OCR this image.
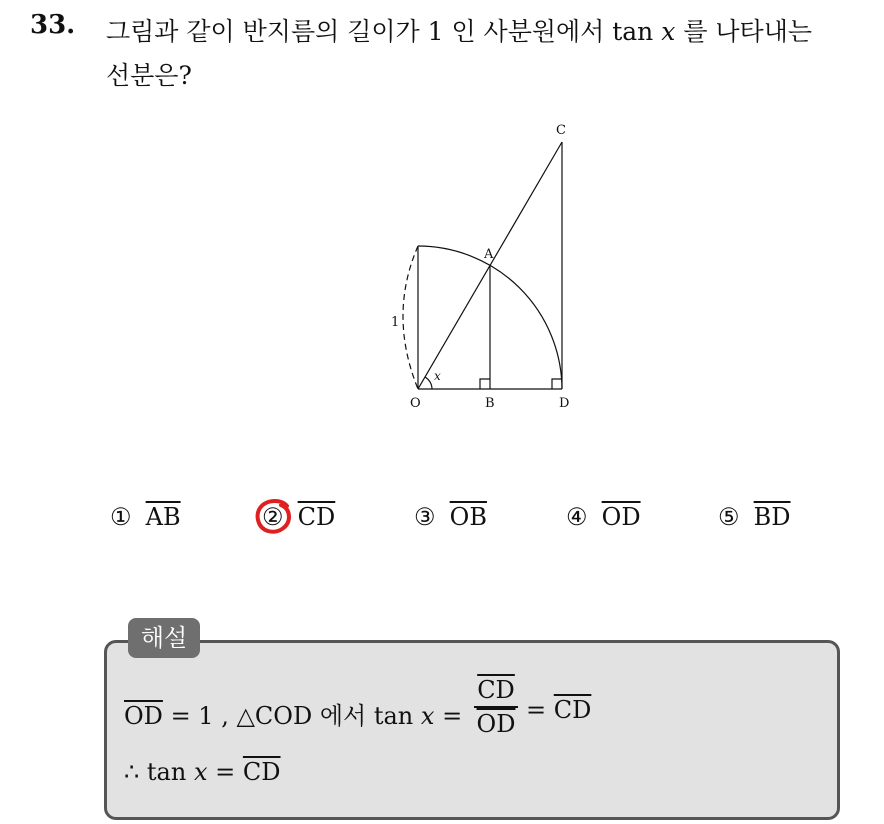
33. 그림과 같이 반지름의 길이가 1 인 사분원에서 tan x 를 나타내는
선분은?
C
A
O	B	D
1
x
① $\overline{AB}$	② $\overline{CD}$	③ $\overline{OB}$	④ $\overline{OD}$	⑤ $\overline{BD}$
해설
$\overline{OD} = 1$ , △COD 에서 $\tan x = \frac{\overline{CD}}{OD} = \overline{CD}$
∴ $\tan x = \overline{CD}$
